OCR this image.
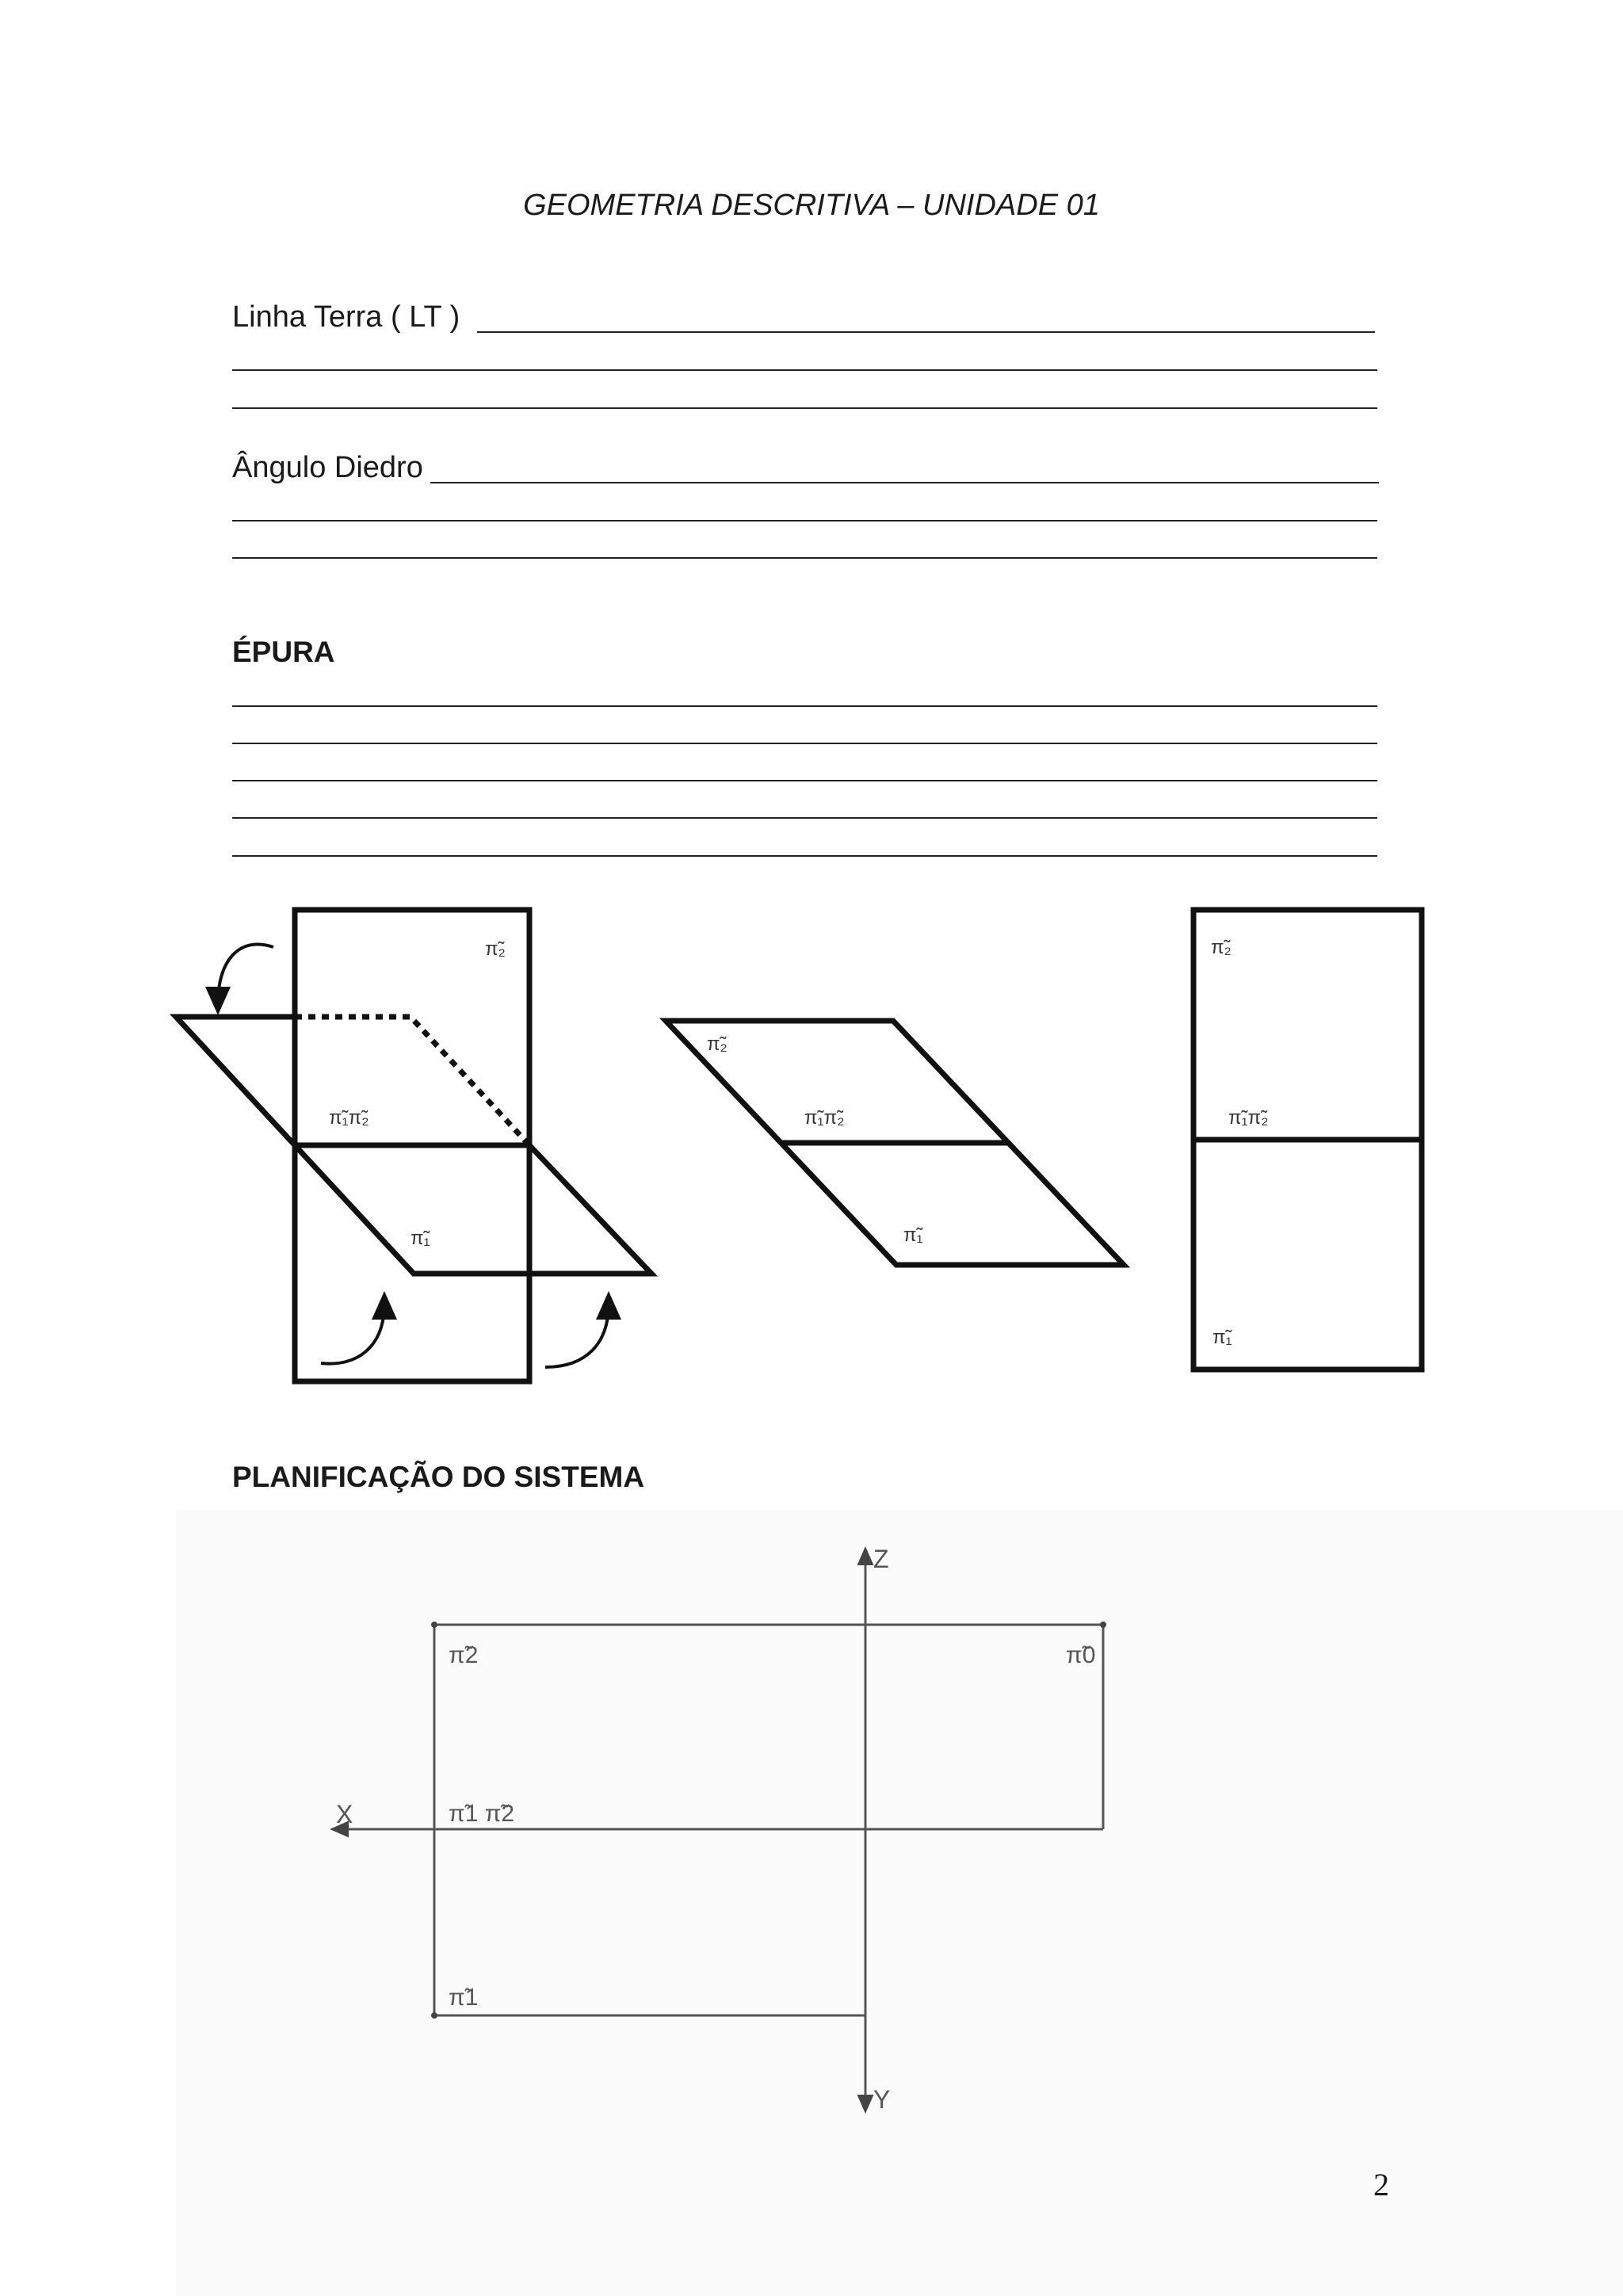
GEOMETRIA DESCRITIVA – UNIDADE 01
Linha Terra ( LT )
Ângulo Diedro
ÉPURA
π̃₂
π̃₁π̃₂
π̃₁
π̃₂
π̃₁π̃₂
π̃₁
π̃₂
π̃₁π̃₂
π̃₁
PLANIFICAÇÃO DO SISTEMA
Z
X
Y
π̃2	π̃0
π̃1 π̃2
π̃1
2
